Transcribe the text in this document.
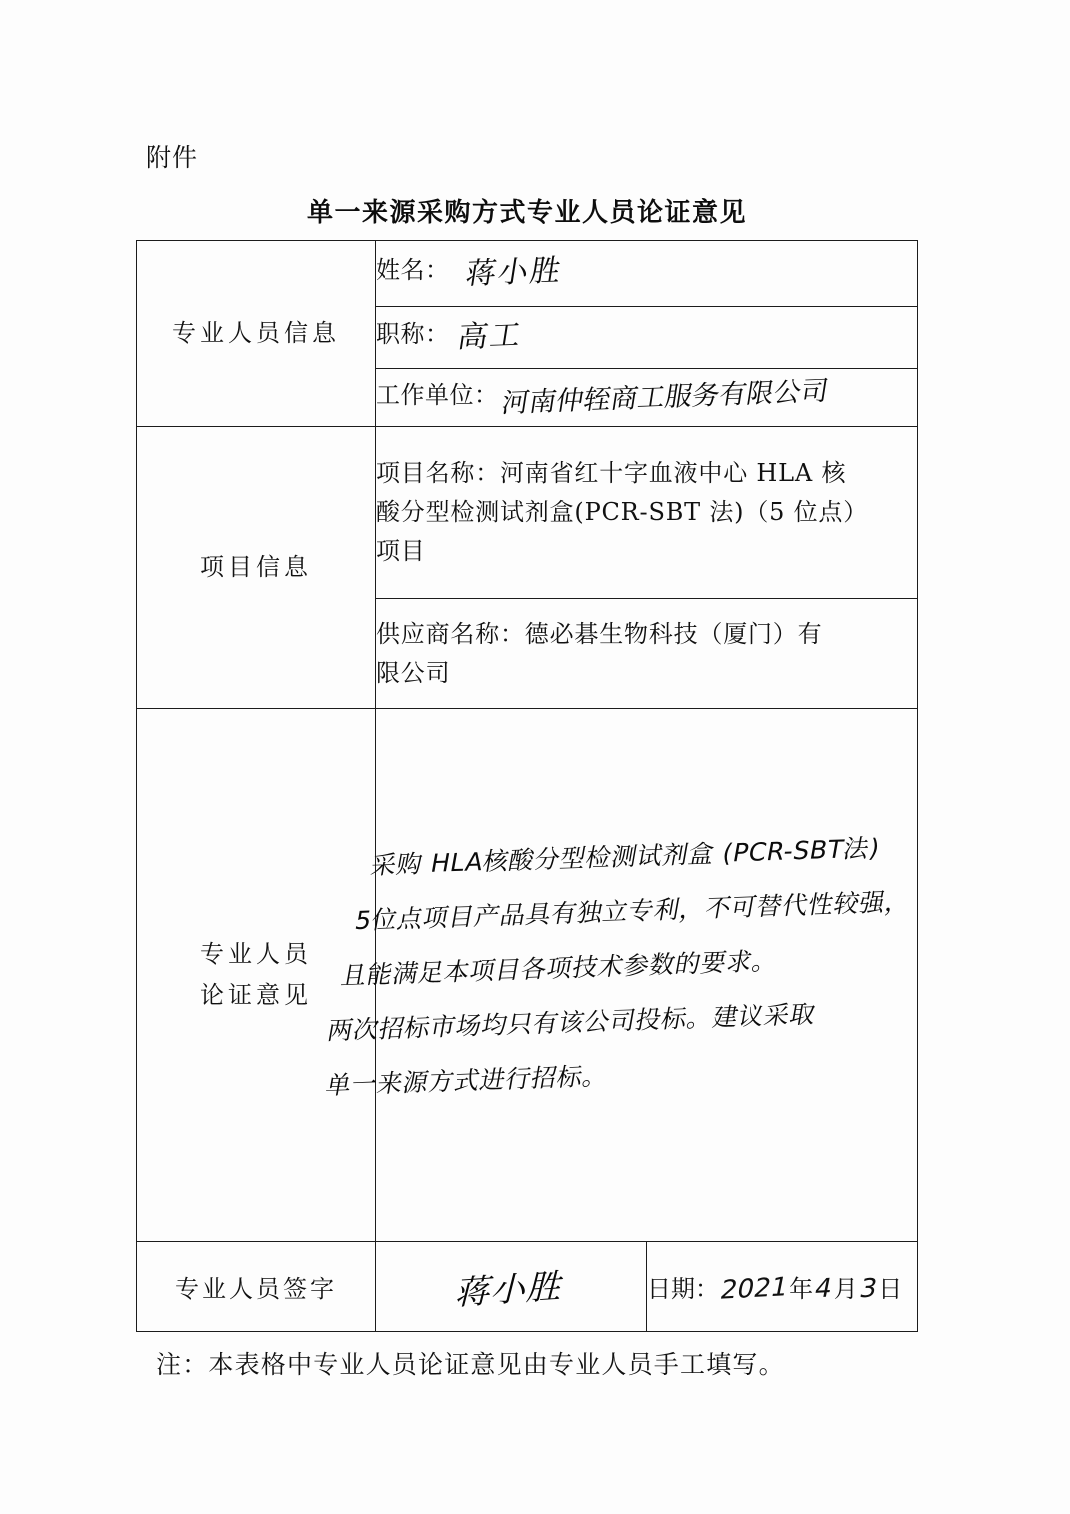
附件
单一来源采购方式专业人员论证意见
专业人员信息	姓名： 蒋小胜	
	职称： 高工	
	工作单位：河南仲轾商工服务有限公司	
项目信息	项目名称：河南省红十字血液中心 HLA 核
酸分型检测试剂盒(PCR-SBT 法)（5 位点）
项目	

	供应商名称：德必碁生物科技（厦门）有
限公司	

专业人员
论证意见	采购 HLA核酸分型检测试剂盒 (PCR-SBT法)
5位点项目产品具有独立专利，不可替代性较强，
且能满足本项目各项技术参数的要求。
两次招标市场均只有该公司投标。建议采取
单一来源方式进行招标。	

专业人员签字	蒋小胜	日期：2021年4月3日
注：本表格中专业人员论证意见由专业人员手工填写。
